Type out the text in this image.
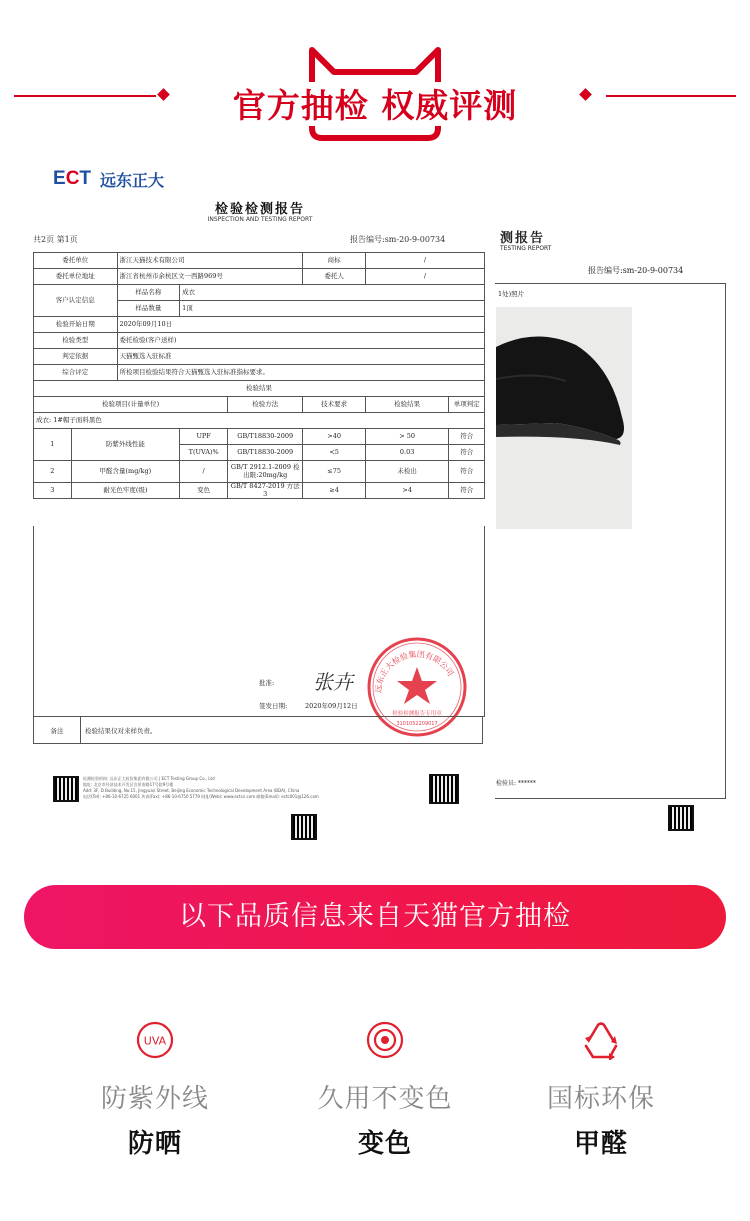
官方抽检 权威评测
测报告
TESTING REPORT
报告编号:sm-20-9-00734
1处)照片
检验员: ******
ECT 远东正大
检验检测报告
INSPECTION AND TESTING REPORT
共2页 第1页	报告编号:sm-20-9-00734
委托单位		浙江天猫技术有限公司			商标	/	
委托单位地址		浙江省杭州市余杭区文一西路969号			委托人	/	
客户认定信息		样品名称	成衣				
		样品数量	1顶				
检验开始日期		2020年09月10日					
检验类型		委托检验(客户送样)					
判定依据		天猫甄选入驻标准					
综合评定		所检项目检验结果符合天猫甄选入驻标准指标要求。					
检验结果							
检验项目(计量单位)				检验方法	技术要求	检验结果	单项判定
成衣: 1#帽子面料黑色							
1	防紫外线性能		UPF	GB/T18830-2009	>40	> 50	符合
			T(UVA)%	GB/T18830-2009	<5	0.03	符合
2	甲醛含量(mg/kg)		/	GB/T 2912.1-2009 检出限:20mg/kg	≤75	未检出	符合
3	耐光色牢度(级)		变色	GB/T 8427-2019 方法3	≥4	>4	符合
批准: 张卉
签发日期:	2020年09月12日
远东正大检验集团有限公司
检验检测报告专用章
3101052209017
备注	检验结果仅对来样负责。
检测检验机构: 远东正大检验集团有限公司 | ECT Testing Group Co., Ltd
地址: 北京市经济技术开发区宣景南路17号院9号楼
Add: 3F, D Building, No.15, Jingyuan Street, Beijing Economic Technological Development Area (BDA), China
电话(Tel): +86-10-6725 6001 传真(Fax): +86-10-6750 5779 网址(Web): www.ectcn.com 邮箱(Email): ectc001@126.com
以下品质信息来自天猫官方抽检
UVA
防紫外线
防晒
久用不变色
变色
国标环保
甲醛
